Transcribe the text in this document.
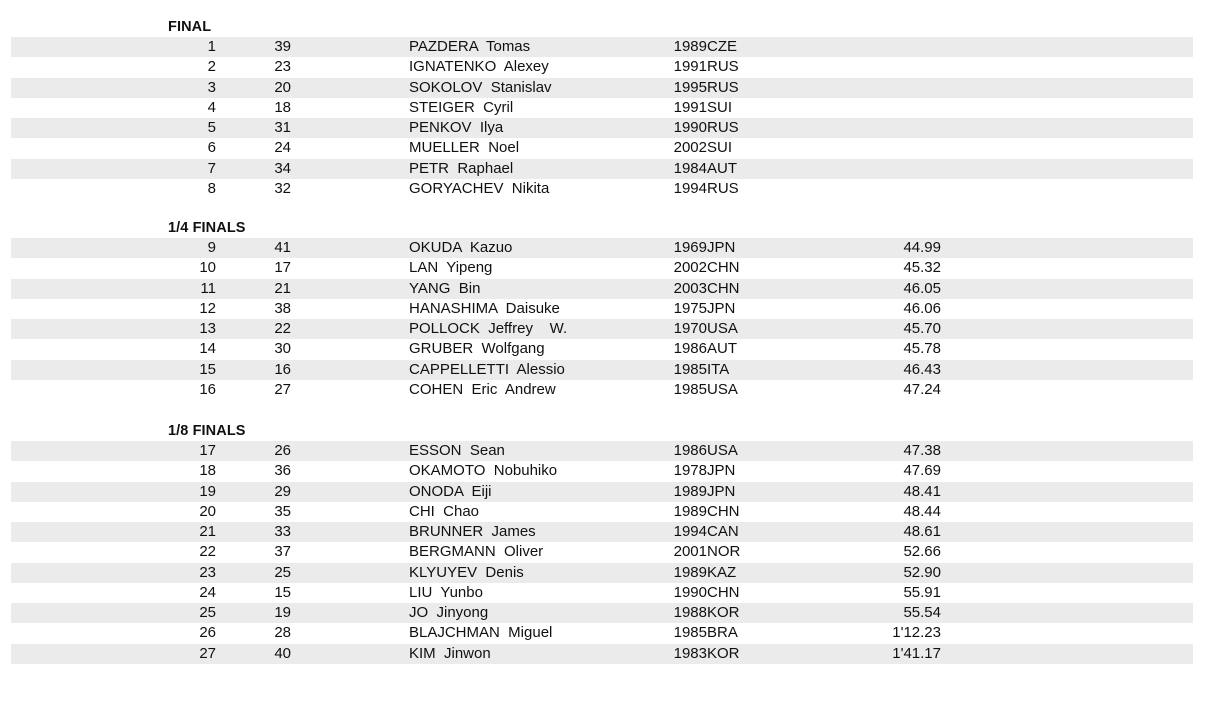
FINAL
1	39	PAZDERA  Tomas	1989 CZE
2	23	IGNATENKO  Alexey	1991 RUS
3	20	SOKOLOV  Stanislav	1995 RUS
4	18	STEIGER  Cyril	1991 SUI
5	31	PENKOV  Ilya	1990 RUS
6	24	MUELLER  Noel	2002 SUI
7	34	PETR  Raphael	1984 AUT
8	32	GORYACHEV  Nikita	1994 RUS
1/4 FINALS
9	41	OKUDA  Kazuo	1969 JPN	44.99
10	17	LAN  Yipeng	2002 CHN	45.32
11	21	YANG  Bin	2003 CHN	46.05
12	38	HANASHIMA  Daisuke	1975 JPN	46.06
13	22	POLLOCK  Jeffrey    W.	1970 USA	45.70
14	30	GRUBER  Wolfgang	1986 AUT	45.78
15	16	CAPPELLETTI  Alessio	1985 ITA	46.43
16	27	COHEN  Eric  Andrew	1985 USA	47.24
1/8 FINALS
17	26	ESSON  Sean	1986 USA	47.38
18	36	OKAMOTO  Nobuhiko	1978 JPN	47.69
19	29	ONODA  Eiji	1989 JPN	48.41
20	35	CHI  Chao	1989 CHN	48.44
21	33	BRUNNER  James	1994 CAN	48.61
22	37	BERGMANN  Oliver	2001 NOR	52.66
23	25	KLYUYEV  Denis	1989 KAZ	52.90
24	15	LIU  Yunbo	1990 CHN	55.91
25	19	JO  Jinyong	1988 KOR	55.54
26	28	BLAJCHMAN  Miguel	1985 BRA	1'12.23
27	40	KIM  Jinwon	1983 KOR	1'41.17
